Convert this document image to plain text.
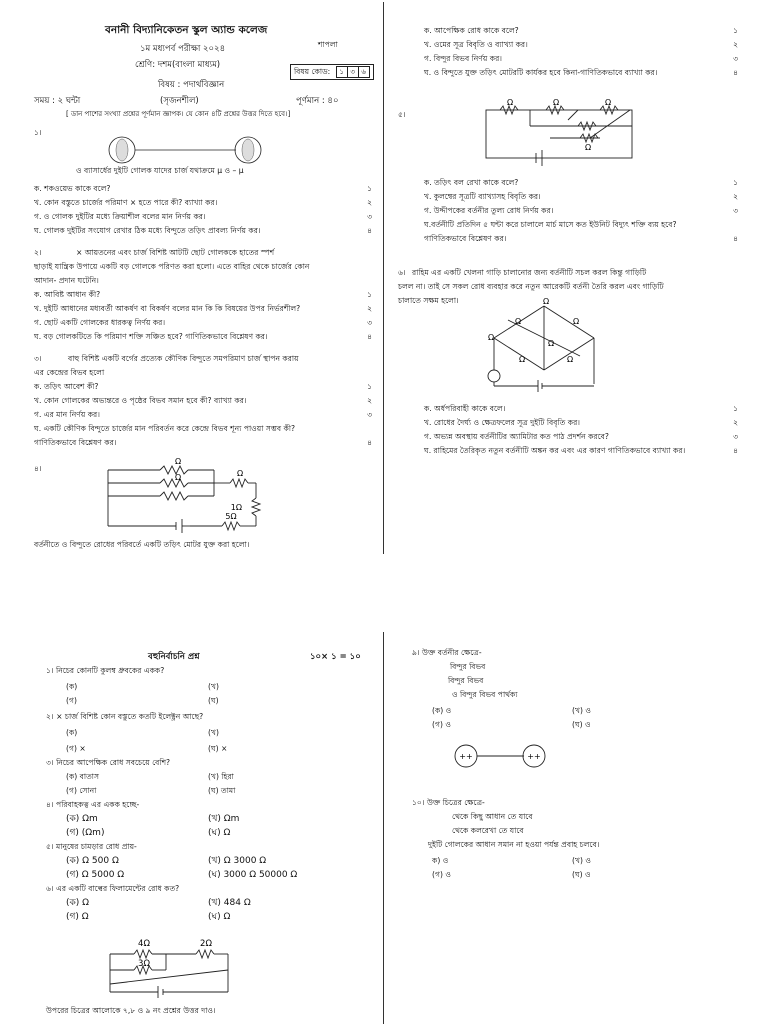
বনানী বিদ্যানিকেতন স্কুল অ্যান্ড কলেজ
১ম মধ্যপর্ব পরীক্ষা ২০২৪	শাপলা
শ্রেণি: দশম(বাংলা মাধ্যম)
বিষয় কোড: ১ ৩ ৬
বিষয় : পদার্থবিজ্ঞান
সময় : ২ ঘন্টা	(সৃজনশীল)	পূর্ণমান : ৪০
[ ডান পাশের সংখ্যা প্রশ্নের পূর্ণমান জ্ঞাপক। যে কোন ৪টি প্রশ্নের উত্তর দিতে হবে।]
১।
ও ব্যাসার্ধের দুইটি গোলক যাদের চার্জ যথাক্রমে μ ও – μ
ক. শকওয়েভ কাকে বলে?	১
খ. কোন বস্তুতে চার্জের পরিমাণ × হতে পারে কী? ব্যাখ্যা কর।	২
গ. ও গোলক দুইটির মধ্যে ক্রিয়াশীল বলের মান নির্ণয় কর।	৩
ঘ. গোলক দুইটির সংযোগ রেখার ঠিক মধ্যে বিন্দুতে তড়িৎ প্রাবল্য নির্ণয় কর।	৪
২।	× আয়তনের এবং চার্জ বিশিষ্ট আটটি ছোট গোলককে হাতের স্পর্শ
ছাড়াই যান্ত্রিক উপায়ে একটি বড় গোলকে পরিণত করা হলো। এতে বাহির থেকে চার্জের কোন
আদান- প্রদান ঘটেনি।
ক. আবিষ্ট আধান কী?	১
খ. দুইটি আধানের মধ্যবর্তী আকর্ষণ বা বিকর্ষণ বলের মান কি কি বিষয়ের উপর নির্ভরশীল?	২
গ. ছোট একটি গোলকের ধারকত্ব নির্ণয় কর।	৩
ঘ. বড় গোলকটিতে কি পরিমাণ শক্তি সঞ্চিত হবে? গাণিতিকভাবে বিশ্লেষণ কর।	৪
৩।	বাহু বিশিষ্ট একটি বর্গের প্রত্যেক কৌণিক বিন্দুতে সমপরিমাণ চার্জ স্থাপন করায়
এর কেন্দ্রের বিভব হলো
ক. তড়িৎ আবেশ কী?	১
খ. কোন গোলকের অভ্যন্তরে ও পৃষ্ঠের বিভব সমান হবে কী? ব্যাখ্যা কর।	২
গ. এর মান নির্ণয় কর।	৩
ঘ. একটি কৌণিক বিন্দুতে চার্জের মান পরিবর্তন করে কেন্দ্রে বিভব শূন্য পাওয়া সম্ভব কী?
গাণিতিকভাবে বিশ্লেষণ কর।	৪
৪।
Ω
Ω	Ω
1Ω
5Ω
বর্তনীতে ও বিন্দুতে রোধের পরিবর্তে একটি তড়িৎ মোটর যুক্ত করা হলো।
ক. আপেক্ষিক রোধ কাকে বলে?	১
খ. ওমের সূত্র বিবৃতি ও ব্যাখ্যা কর।	২
গ. বিন্দুর বিভব নির্ণয় কর।	৩
ঘ. ও বিন্দুতে যুক্ত তড়িৎ মোটরটি কার্যকর হবে কিনা-গাণিতিকভাবে ব্যাখ্যা কর।	৪
৫।
Ω	Ω	Ω
Ω
ক. তড়িৎ বল রেখা কাকে বলে?	১
খ. কুলম্বের সূত্রটি ব্যাখ্যাসহ বিবৃতি কর।	২
গ. উদ্দীপকের বর্তনীর তুল্য রোধ নির্ণয় কর।	৩
ঘ.বর্তনীটি প্রতিদিন ৫ ঘন্টা করে চালালে মার্চ মাসে কত ইউনিট বিদ্যুৎ শক্তি ব্যয় হবে?
গাণিতিকভাবে বিশ্লেষণ কর।	৪
৬। রাহিম এর একটি খেলনা গাড়ি চালানোর জন্য বর্তনীটি সচল করল কিন্তু গাড়িটি
চলল না। তাই সে সকল রোধ ব্যবহার করে নতুন আরেকটি বর্তনী তৈরি করল এবং গাড়িটি
চালাতে সক্ষম হলো।	Ω
Ω	Ω
Ω
Ω
Ω	Ω
ক. অর্ধপরিবাহী কাকে বলে।	১
খ. রোধের দৈর্ঘ্য ও ক্ষেত্রফলের সূত্র দুইটি বিবৃতি কর।	২
গ. অভ্যন্ন অবস্থায় বর্তনীটির অ্যামিটার কত পাঠ প্রদর্শন করবে?	৩
ঘ. রাহিমের তৈরিকৃত নতুন বর্তনীটি অঙ্কন কর এবং এর কারণ গাণিতিকভাবে ব্যাখ্যা কর।	৪
বহুনির্বাচনি প্রশ্ন	১০× ১ = ১০
১। নিচের কোনটি কুলম্ব ধ্রুবকের একক?
(ক)	(খ)
(গ)	(ঘ)
২। × চার্জ বিশিষ্ট কোন বস্তুতে কতটি ইলেক্ট্রন আছে?
(ক)	(খ)
(গ) ×	(ঘ) ×
৩। নিচের আপেক্ষিক রোধ সবচেয়ে বেশি?
(ক) বাতাস	(খ) হিরা
(গ) সোনা	(ঘ) তামা
৪। পরিবাহকত্ব এর একক হচ্ছে-
(ক) Ωm	(খ) Ωm
(গ) (Ωm)	(ঘ) Ω
৫। মানুষের চামড়ার রোধ প্রায়-
(ক) Ω 500 Ω	(খ) Ω 3000 Ω
(গ) Ω 5000 Ω	(ঘ) 3000 Ω 50000 Ω
৬। এর একটি বাল্বের ফিলামেন্টের রোধ কত?
(ক) Ω	(খ) 484 Ω
(গ) Ω	(ঘ) Ω
4Ω	2Ω
3Ω
উপরের চিত্রের আলোকে ৭,৮ ও ৯ নং প্রশ্নের উত্তর দাও।
৯। উক্ত বর্তনীর ক্ষেত্রে-
বিন্দুর বিভব
বিন্দুর বিভব
ও বিন্দুর বিভব পার্থক্য
(ক) ও	(খ) ও
(গ) ও	(ঘ) ও
++	++
১০। উক্ত চিত্রের ক্ষেত্রে-
থেকে কিছু আধান তে যাবে
থেকে কলরেখা তে যাবে
দুইটি গোলকের আধান সমান না হওয়া পর্যন্ত প্রবাহ চলবে।
ক) ও	(খ) ও
(গ) ও	(ঘ) ও
